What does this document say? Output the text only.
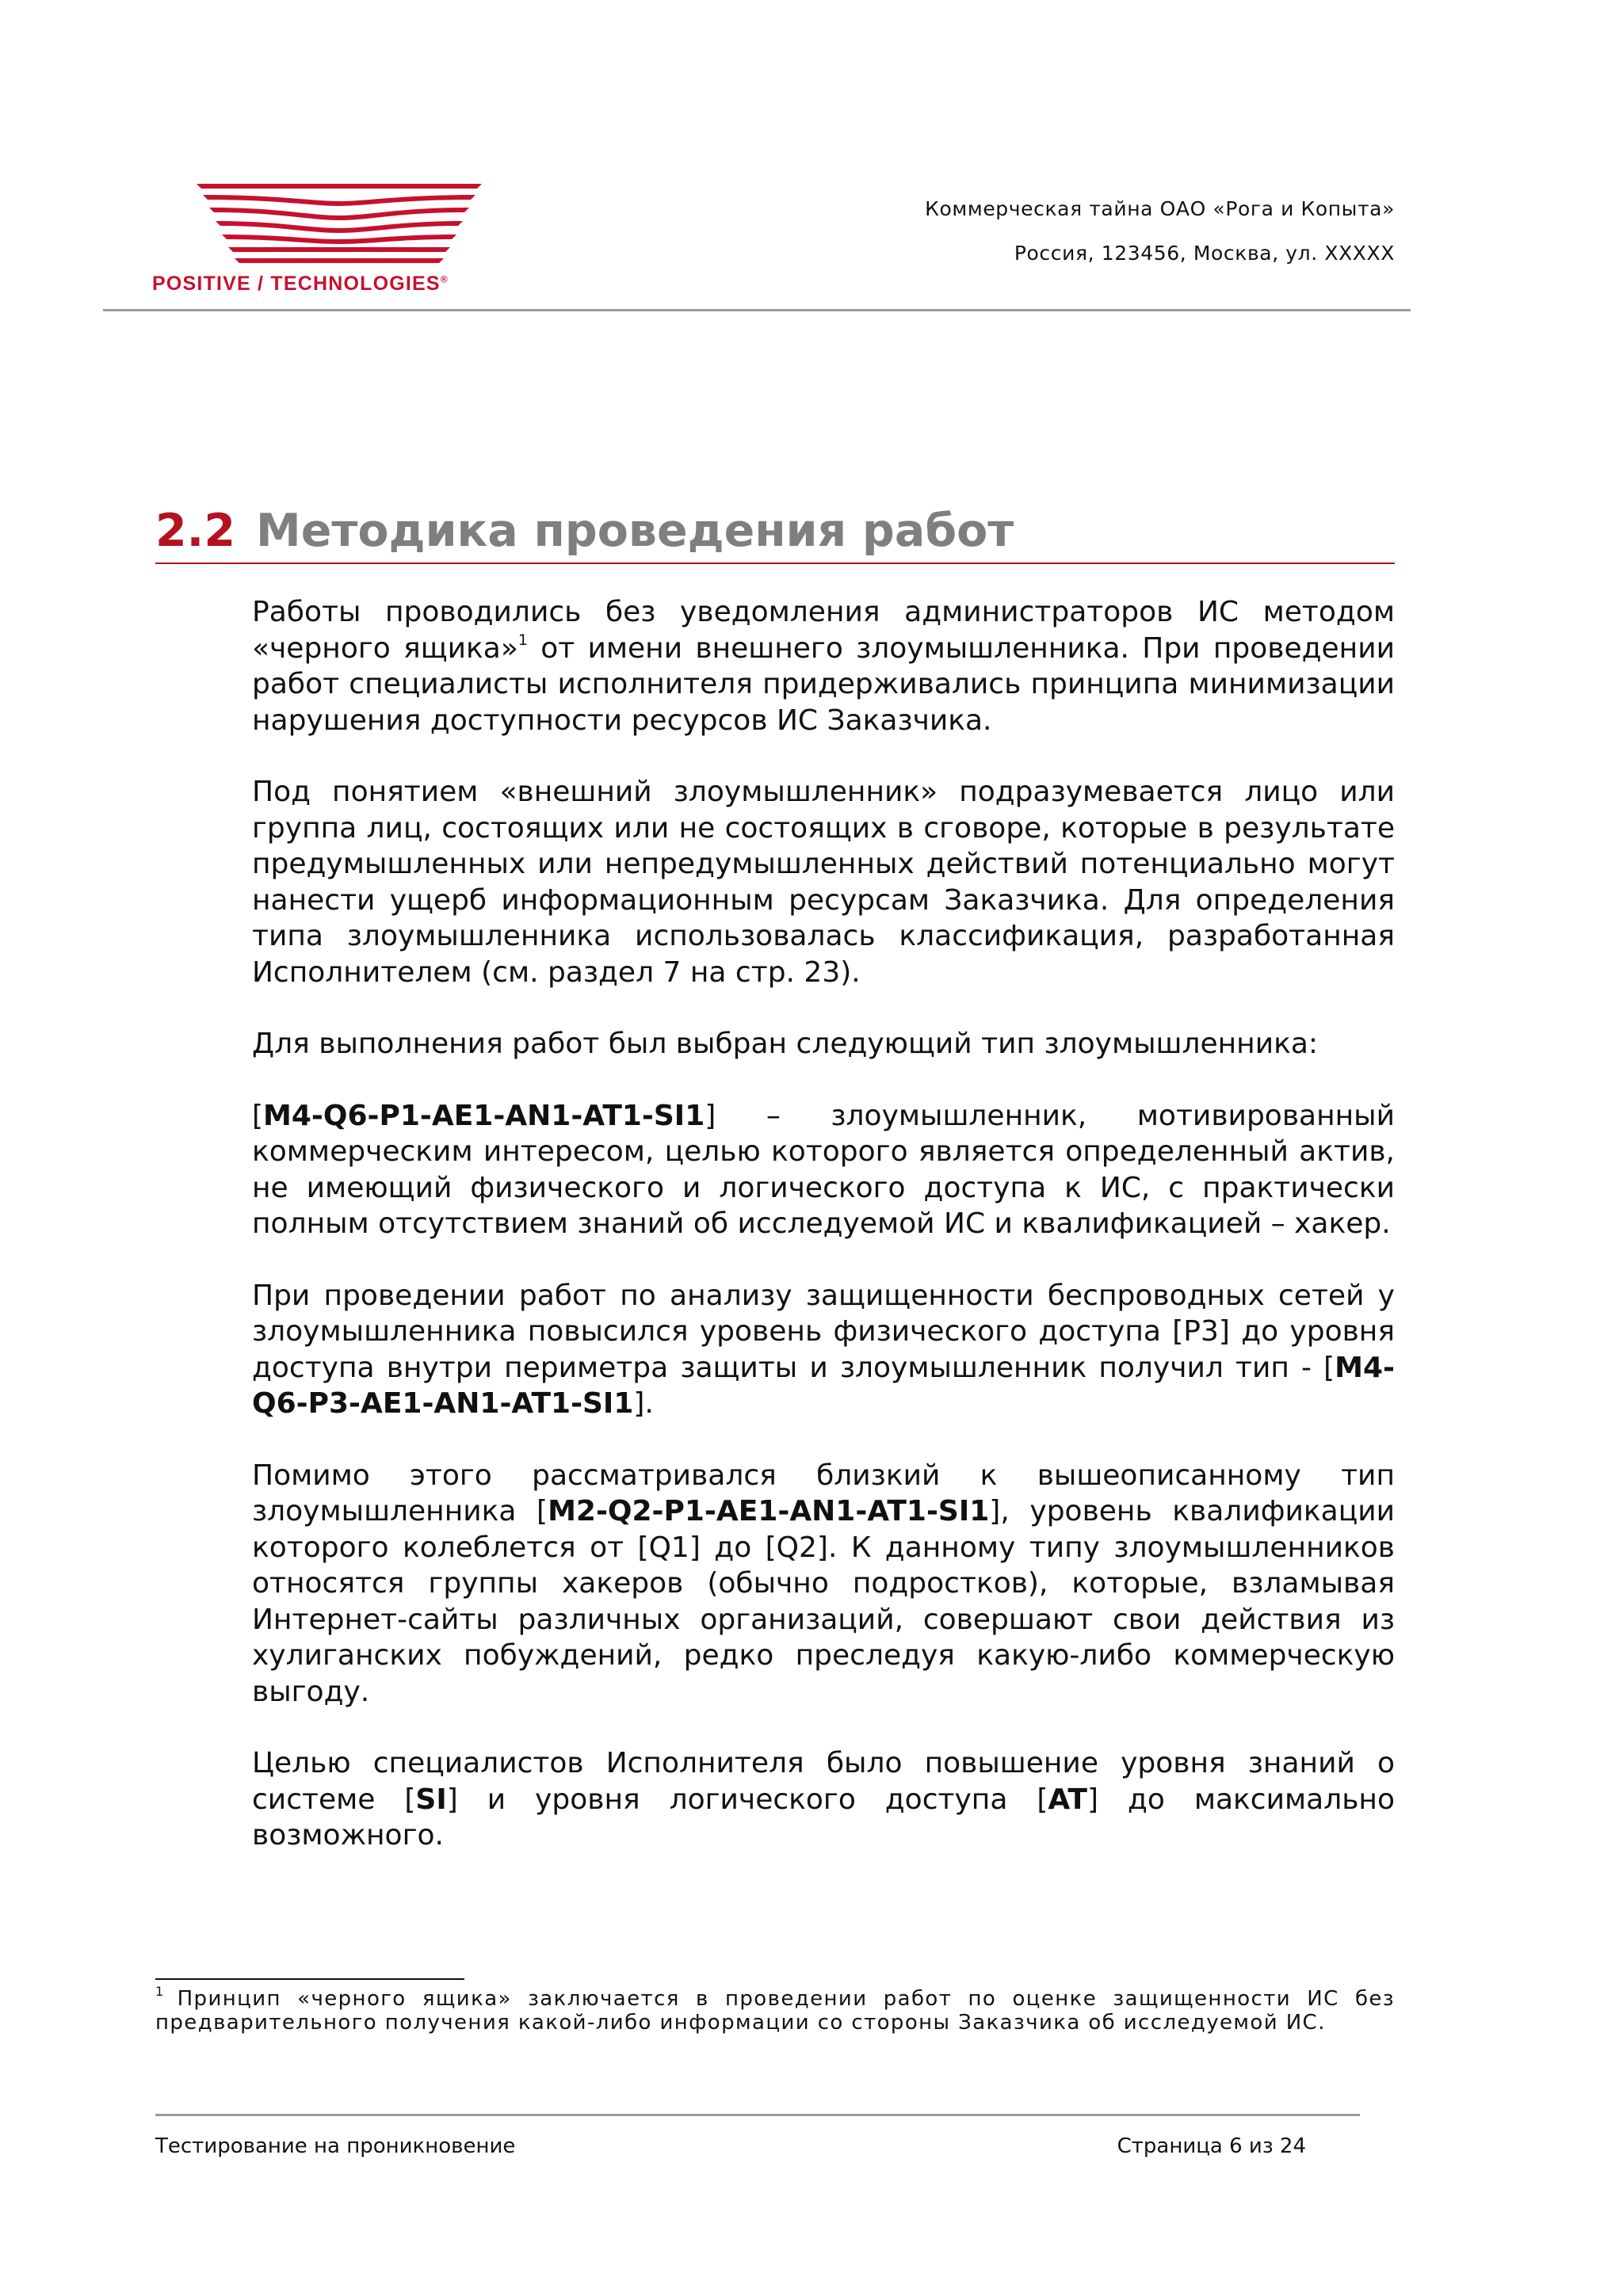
POSITIVE / TECHNOLOGIES®
Коммерческая тайна ОАО «Рога и Копыта»
Россия, 123456, Москва, ул. XXXXX
2.2 Методика проведения работ

Работы проводились без уведомления администраторов ИС методом «черного ящика»$^1$ от имени внешнего злоумышленника. При проведении работ специалисты исполнителя придерживались принципа минимизации нарушения доступности ресурсов ИС Заказчика.

Под понятием «внешний злоумышленник» подразумевается лицо или группа лиц, состоящих или не состоящих в сговоре, которые в результате предумышленных или непредумышленных действий потенциально могут нанести ущерб информационным ресурсам Заказчика. Для определения типа злоумышленника использовалась классификация, разработанная Исполнителем (см. раздел 7 на стр. 23).

Для выполнения работ был выбран следующий тип злоумышленника:

[M4-Q6-P1-AE1-AN1-AT1-SI1] – злоумышленник, мотивированный коммерческим интересом, целью которого является определенный актив, не имеющий физического и логического доступа к ИС, с практически полным отсутствием знаний об исследуемой ИС и квалификацией – хакер.

При проведении работ по анализу защищенности беспроводных сетей у злоумышленника повысился уровень физического доступа [P3] до уровня доступа внутри периметра защиты и злоумышленник получил тип - [M4-Q6-P3-AE1-AN1-AT1-SI1].

Помимо этого рассматривался близкий к вышеописанному тип злоумышленника [M2-Q2-P1-AE1-AN1-AT1-SI1], уровень квалификации которого колеблется от [Q1] до [Q2]. К данному типу злоумышленников относятся группы хакеров (обычно подростков), которые, взламывая Интернет-сайты различных организаций, совершают свои действия из хулиганских побуждений, редко преследуя какую-либо коммерческую выгоду.

Целью специалистов Исполнителя было повышение уровня знаний о системе [SI] и уровня логического доступа [AT] до максимально возможного.

$^1$ Принцип «черного ящика» заключается в проведении работ по оценке защищенности ИС без предварительного получения какой-либо информации со стороны Заказчика об исследуемой ИС.
Тестирование на проникновение	Страница 6 из 24
